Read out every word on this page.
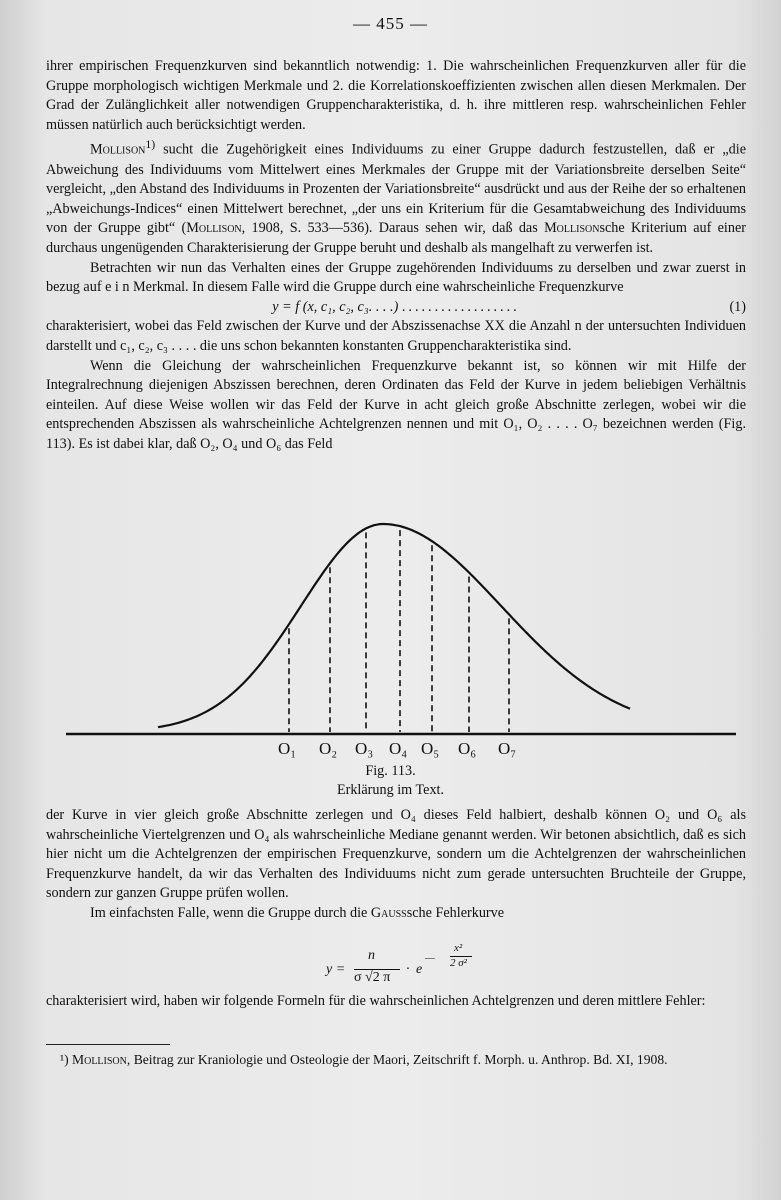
— 455 —

ihrer empirischen Frequenzkurven sind bekanntlich notwendig: 1. Die wahrscheinlichen Frequenzkurven aller für die Gruppe morphologisch wichtigen Merkmale und 2. die Korrelationskoeffizienten zwischen allen diesen Merkmalen. Der Grad der Zulänglichkeit aller notwendigen Gruppencharakteristika, d. h. ihre mittleren resp. wahrscheinlichen Fehler müssen natürlich auch berücksichtigt werden.

Mollison$^{1)}$ sucht die Zugehörigkeit eines Individuums zu einer Gruppe dadurch festzustellen, daß er „die Abweichung des Individuums vom Mittelwert eines Merkmales der Gruppe mit der Variationsbreite derselben Seite“ vergleicht, „den Abstand des Individuums in Prozenten der Variationsbreite“ ausdrückt und aus der Reihe der so erhaltenen „Abweichungs-Indices“ einen Mittelwert berechnet, „der uns ein Kriterium für die Gesamtabweichung des Individuums von der Gruppe gibt“ (Mollison, 1908, S. 533—536). Daraus sehen wir, daß das Mollisonsche Kriterium auf einer durchaus ungenügenden Charakterisierung der Gruppe beruht und deshalb als mangelhaft zu verwerfen ist.

Betrachten wir nun das Verhalten eines der Gruppe zugehörenden Individuums zu derselben und zwar zuerst in bezug auf e i n Merkmal. In diesem Falle wird die Gruppe durch eine wahrscheinliche Frequenzkurve

y = f (x, c₁, c₂, c₃. . . .) ..................	(1)

charakterisiert, wobei das Feld zwischen der Kurve und der Abszissenachse XX die Anzahl n der untersuchten Individuen darstellt und c₁, c₂, c₃ . . . . die uns schon bekannten konstanten Gruppencharakteristika sind.

Wenn die Gleichung der wahrscheinlichen Frequenzkurve bekannt ist, so können wir mit Hilfe der Integralrechnung diejenigen Abszissen berechnen, deren Ordinaten das Feld der Kurve in jedem beliebigen Verhältnis einteilen. Auf diese Weise wollen wir das Feld der Kurve in acht gleich große Abschnitte zerlegen, wobei wir die entsprechenden Abszissen als wahrscheinliche Achtelgrenzen nennen und mit O₁, O₂ . . . . O₇ bezeichnen werden (Fig. 113). Es ist dabei klar, daß O₂, O₄ und O₆ das Feld

O₁ O₂ O₃ O₄ O₅ O₆ O₇
Fig. 113.
Erklärung im Text.

der Kurve in vier gleich große Abschnitte zerlegen und O₄ dieses Feld halbiert, deshalb können O₂ und O₆ als wahrscheinliche Viertelgrenzen und O₄ als wahrscheinliche Mediane genannt werden. Wir betonen absichtlich, daß es sich hier nicht um die Achtelgrenzen der empirischen Frequenzkurve, sondern um die Achtelgrenzen der wahrscheinlichen Frequenzkurve handelt, da wir das Verhalten des Individuums nicht zum gerade untersuchten Bruchteile der Gruppe, sondern zur ganzen Gruppe prüfen wollen.

Im einfachsten Falle, wenn die Gruppe durch die Gausssche Fehlerkurve

y =
n
σ √2 π
· e
—
x²
2 σ²

charakterisiert wird, haben wir folgende Formeln für die wahrscheinlichen Achtelgrenzen und deren mittlere Fehler:

¹) Mollison, Beitrag zur Kraniologie und Osteologie der Maori, Zeitschrift f. Morph. u. Anthrop. Bd. XI, 1908.
